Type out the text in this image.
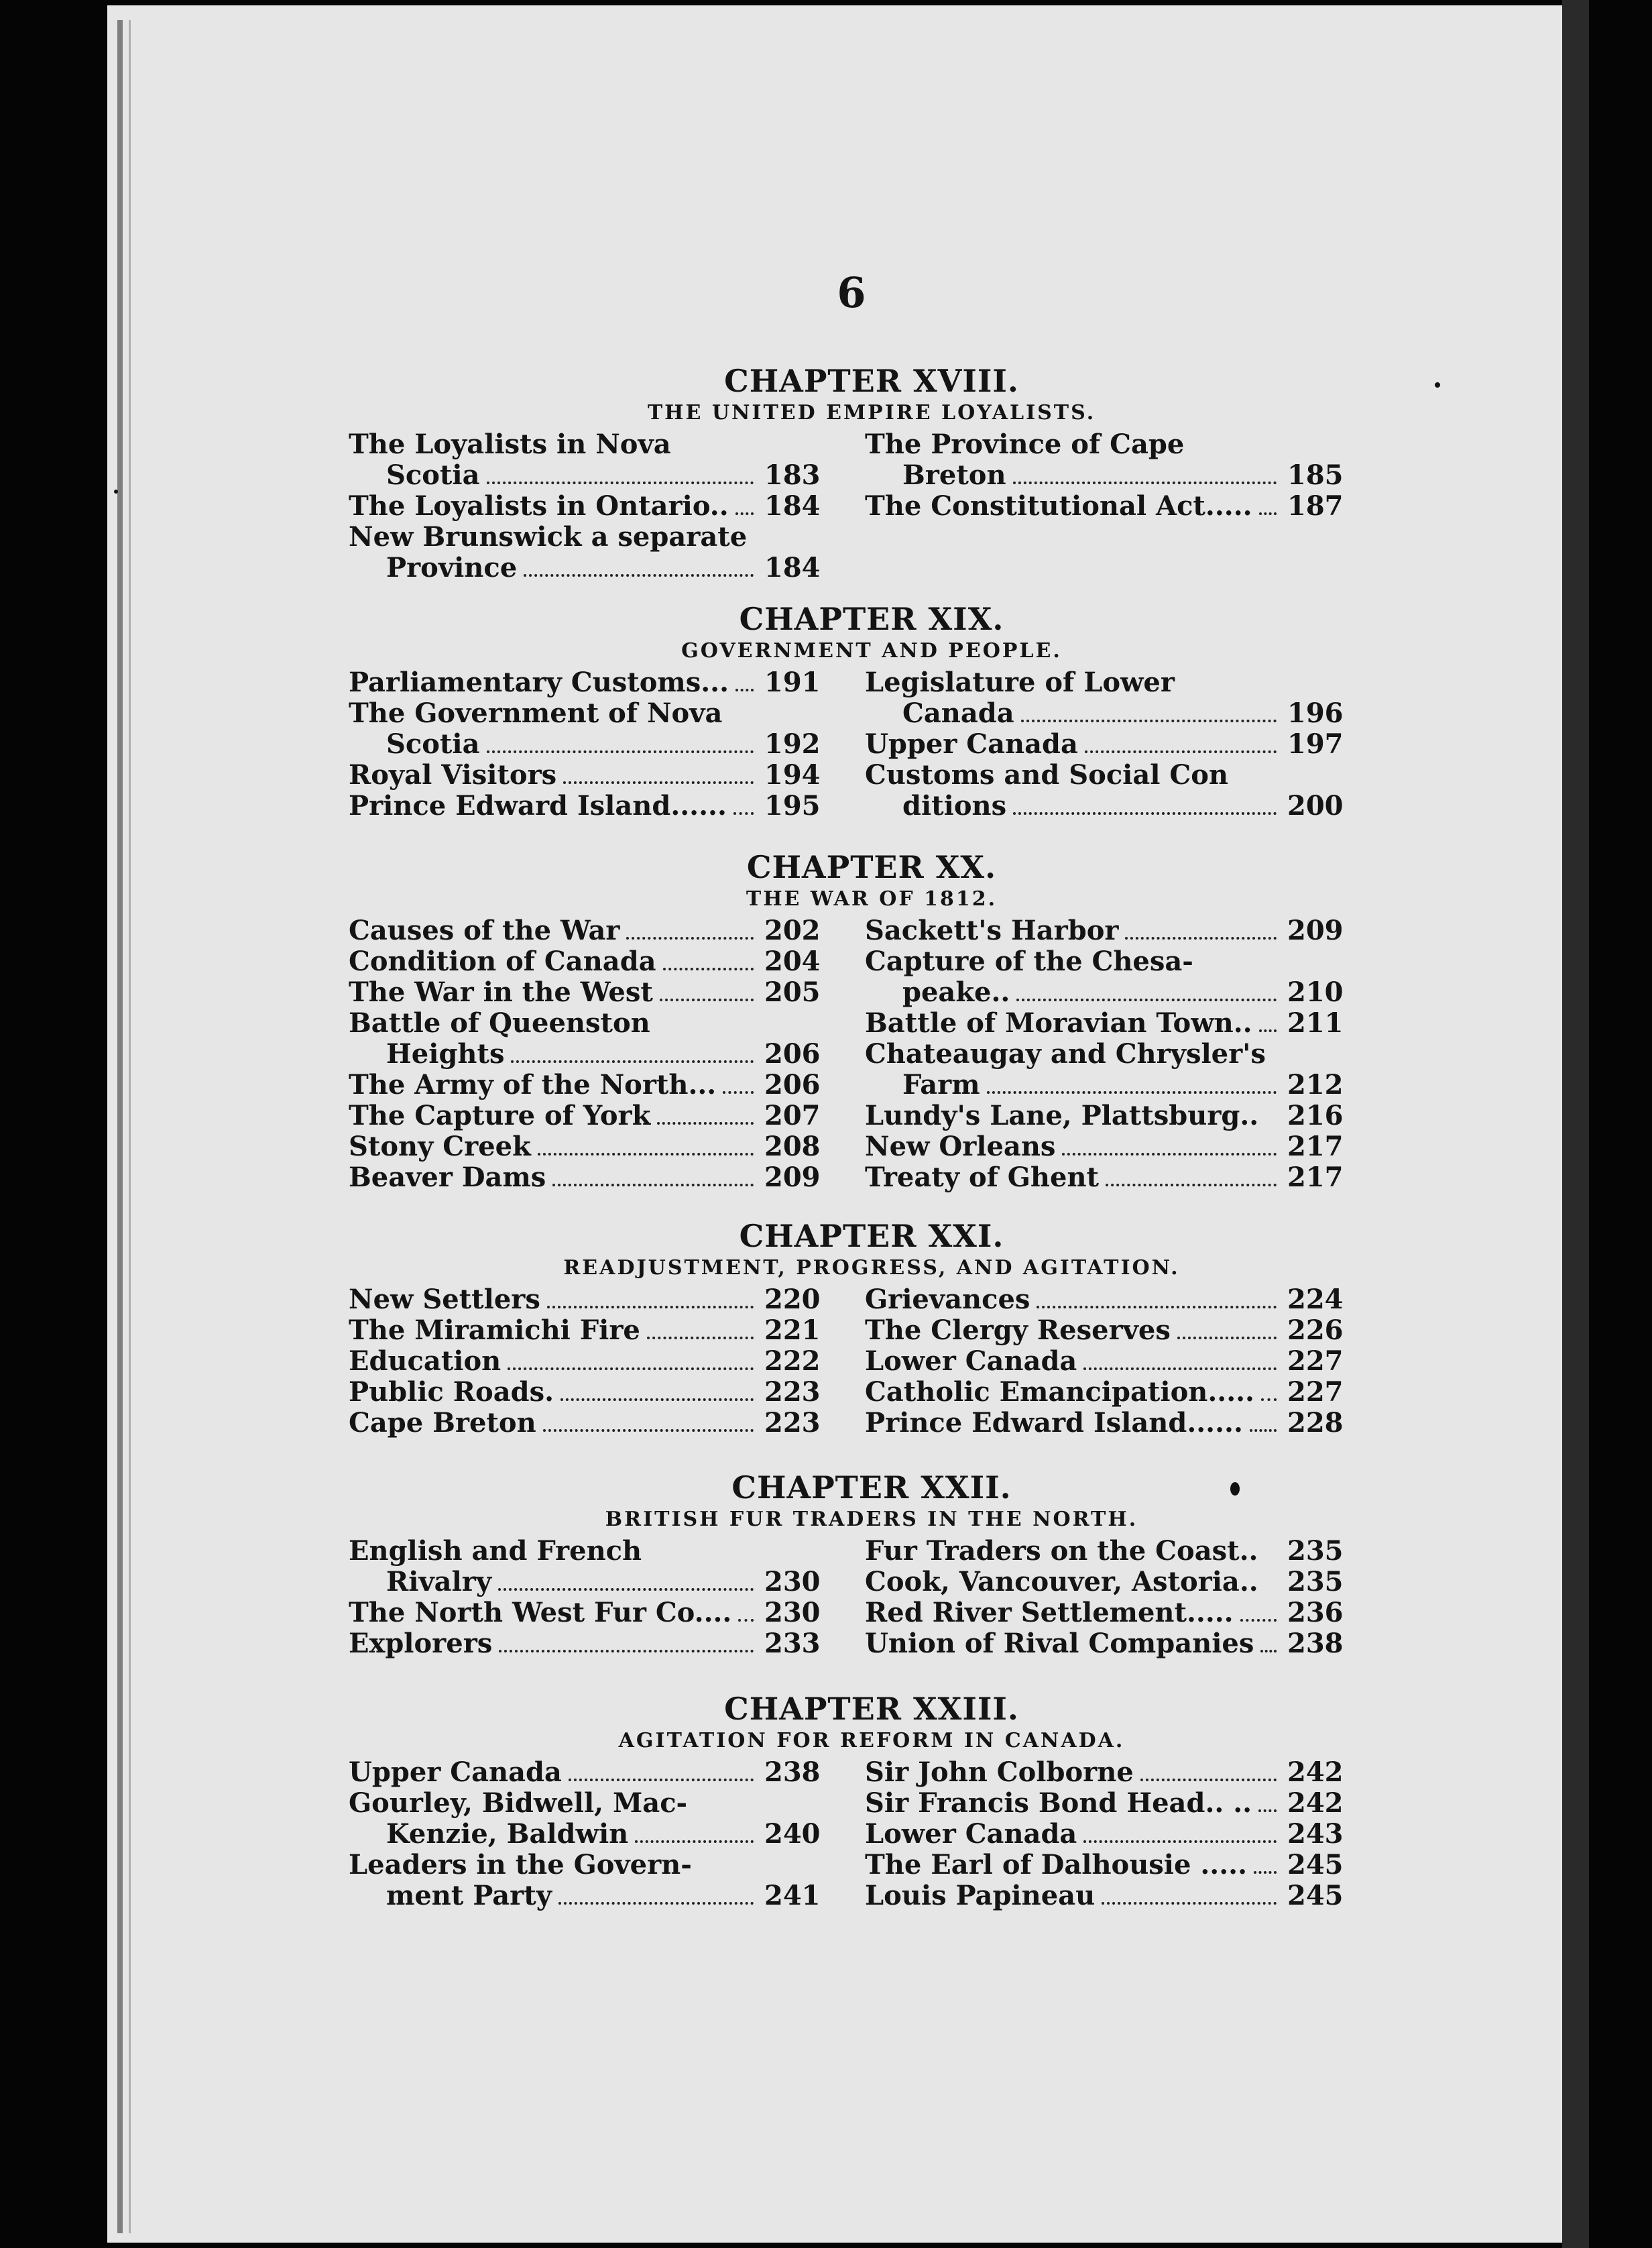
6
CHAPTER XVIII.
THE UNITED EMPIRE LOYALISTS.
The Loyalists in Nova
Scotia	183
The Loyalists in Ontario..	184
New Brunswick a separate
Province	184
The Province of Cape
Breton	185
The Constitutional Act.....	187
CHAPTER XIX.
GOVERNMENT AND PEOPLE.
Parliamentary Customs...	191
The Government of Nova
Scotia	192
Royal Visitors	194
Prince Edward Island......	195
Legislature of Lower
Canada	196
Upper Canada	197
Customs and Social Con
ditions	200
CHAPTER XX.
THE WAR OF 1812.
Causes of the War	202
Condition of Canada	204
The War in the West	205
Battle of Queenston
Heights	206
The Army of the North...	206
The Capture of York	207
Stony Creek	208
Beaver Dams	209
Sackett's Harbor	209
Capture of the Chesa-
peake..	210
Battle of Moravian Town..	211
Chateaugay and Chrysler's
Farm	212
Lundy's Lane, Plattsburg..	216
New Orleans	217
Treaty of Ghent	217
CHAPTER XXI.
READJUSTMENT, PROGRESS, AND AGITATION.
New Settlers	220
The Miramichi Fire	221
Education	222
Public Roads.	223
Cape Breton	223
Grievances	224
The Clergy Reserves	226
Lower Canada	227
Catholic Emancipation.....	227
Prince Edward Island......	228
CHAPTER XXII.
BRITISH FUR TRADERS IN THE NORTH.
English and French
Rivalry	230
The North West Fur Co....	230
Explorers	233
Fur Traders on the Coast..	235
Cook, Vancouver, Astoria..	235
Red River Settlement.....	236
Union of Rival Companies	238
CHAPTER XXIII.
AGITATION FOR REFORM IN CANADA.
Upper Canada	238
Gourley, Bidwell, Mac-
Kenzie, Baldwin	240
Leaders in the Govern-
ment Party	241
Sir John Colborne	242
Sir Francis Bond Head.. ..	242
Lower Canada	243
The Earl of Dalhousie .....	245
Louis Papineau	245
